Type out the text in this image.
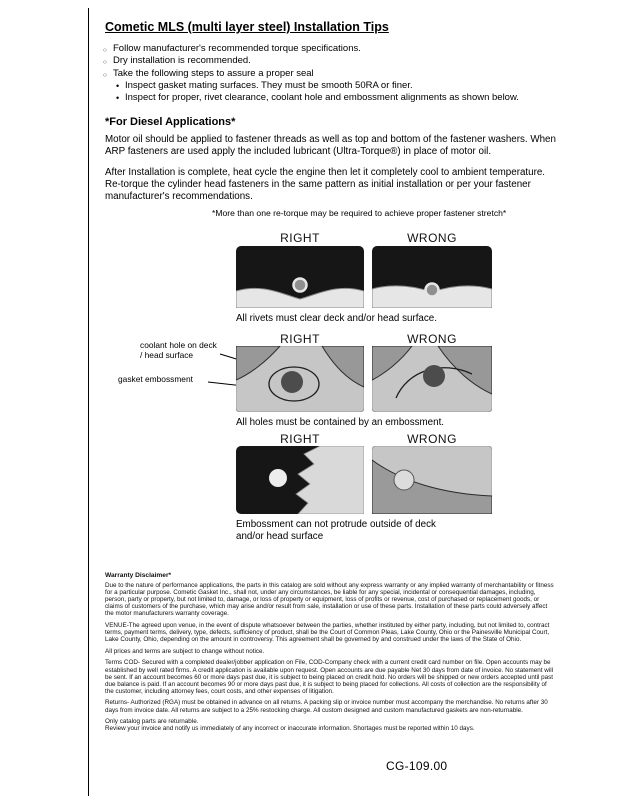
Cometic MLS (multi layer steel) Installation Tips
○ Follow manufacturer's recommended torque specifications.
○ Dry installation is recommended.
○ Take the following steps to assure a proper seal
• Inspect gasket mating surfaces. They must be smooth 50RA or finer.
• Inspect for proper, rivet clearance, coolant hole and embossment alignments as shown below.
*For Diesel Applications*

Motor oil should be applied to fastener threads as well as top and bottom of the fastener washers. When ARP fasteners are used apply the included lubricant (Ultra-Torque®) in place of motor oil.

After Installation is complete, heat cycle the engine then let it completely cool to ambient temperature. Re-torque the cylinder head fasteners in the same pattern as initial installation or per your fastener manufacturer's recommendations.

*More than one re-torque may be required to achieve proper fastener stretch*

RIGHT	WRONG
All rivets must clear deck and/or head surface.
RIGHT	WRONG
coolant hole on deck / head surface
gasket embossment
All holes must be contained by an embossment.
RIGHT	WRONG
Embossment can not protrude outside of deck and/or head surface
Warranty Disclaimer*

Due to the nature of performance applications, the parts in this catalog are sold without any express warranty or any implied warranty of merchantability or fitness for a particular purpose. Cometic Gasket Inc., shall not, under any circumstances, be liable for any special, incidental or consequential damages, including, person, party or property, but not limited to, damage, or loss of property or equipment, loss of profits or revenue, cost of purchased or replacement goods, or claims of customers of the purchase, which may arise and/or result from sale, installation or use of these parts. Installation of these parts could adversely affect the motor manufacturers warranty coverage.

VENUE-The agreed upon venue, in the event of dispute whatsoever between the parties, whether instituted by either party, including, but not limited to, contract terms, payment terms, delivery, type, defects, sufficiency of product, shall be the Court of Common Pleas, Lake County, Ohio or the Painesville Municipal Court, Lake County, Ohio, depending on the amount in controversy. This agreement shall be governed by and construed under the laws of the State of Ohio.

All prices and terms are subject to change without notice.

Terms COD- Secured with a completed dealer/jobber application on File, COD-Company check with a current credit card number on file. Open accounts may be established by well rated firms. A credit application is available upon request. Open accounts are due payable Net 30 days from date of invoice. No statement will be sent. If an account becomes 60 or more days past due, it is subject to being placed on credit hold. No orders will be shipped or new orders accepted until past due balance is paid. If an account becomes 90 or more days past due, it is subject to being placed for collections. All costs of collection are the responsibility of the customer, including attorney fees, court costs, and other expenses of litigation.

Returns- Authorized (RGA) must be obtained in advance on all returns. A packing slip or invoice number must accompany the merchandise. No returns after 30 days from invoice date. All returns are subject to a 25% restocking charge. All custom designed and custom manufactured gaskets are non-returnable.

Only catalog parts are returnable.

Review your invoice and notify us immediately of any incorrect or inaccurate information. Shortages must be reported within 10 days.

CG-109.00
